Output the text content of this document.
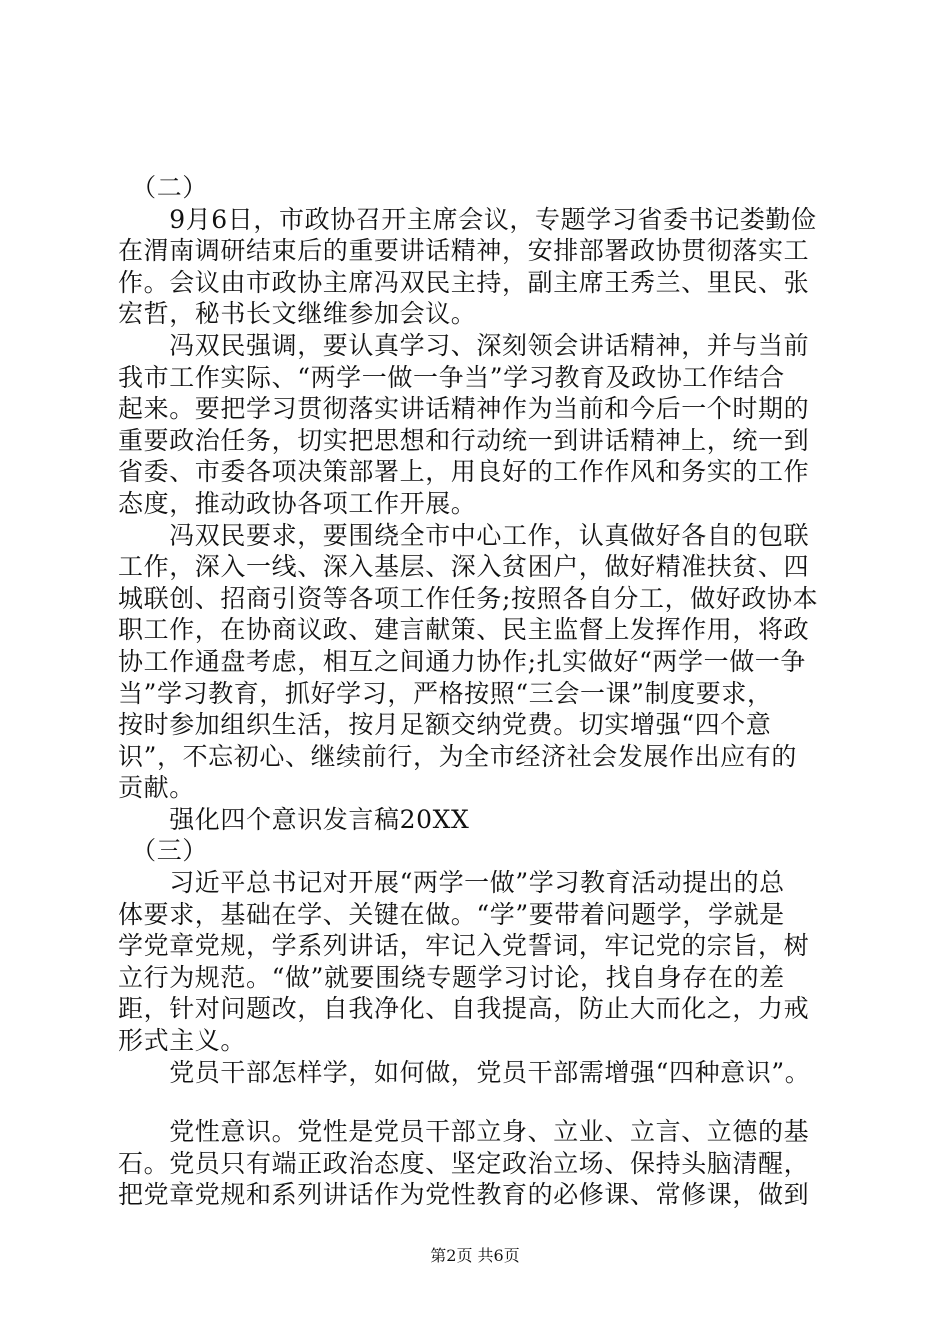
　（二）
　　9月6日，市政协召开主席会议，专题学习省委书记娄勤俭
在渭南调研结束后的重要讲话精神，安排部署政协贯彻落实工
作。会议由市政协主席冯双民主持，副主席王秀兰、里民、张
宏哲，秘书长文继维参加会议。
　　冯双民强调，要认真学习、深刻领会讲话精神，并与当前
我市工作实际、“两学一做一争当”学习教育及政协工作结合
起来。要把学习贯彻落实讲话精神作为当前和今后一个时期的
重要政治任务，切实把思想和行动统一到讲话精神上，统一到
省委、市委各项决策部署上，用良好的工作作风和务实的工作
态度，推动政协各项工作开展。
　　冯双民要求，要围绕全市中心工作，认真做好各自的包联
工作，深入一线、深入基层、深入贫困户，做好精准扶贫、四
城联创、招商引资等各项工作任务;按照各自分工，做好政协本
职工作，在协商议政、建言献策、民主监督上发挥作用，将政
协工作通盘考虑，相互之间通力协作;扎实做好“两学一做一争
当”学习教育，抓好学习，严格按照“三会一课”制度要求，
按时参加组织生活，按月足额交纳党费。切实增强“四个意
识”，不忘初心、继续前行，为全市经济社会发展作出应有的
贡献。
　　强化四个意识发言稿20XX
　（三）
　　习近平总书记对开展“两学一做”学习教育活动提出的总
体要求，基础在学、关键在做。“学”要带着问题学，学就是
学党章党规，学系列讲话，牢记入党誓词，牢记党的宗旨，树
立行为规范。“做”就要围绕专题学习讨论，找自身存在的差
距，针对问题改，自我净化、自我提高，防止大而化之，力戒
形式主义。
　　党员干部怎样学，如何做，党员干部需增强“四种意识”。
　　党性意识。党性是党员干部立身、立业、立言、立德的基
石。党员只有端正政治态度、坚定政治立场、保持头脑清醒，
把党章党规和系列讲话作为党性教育的必修课、常修课，做到
第2页 共6页
